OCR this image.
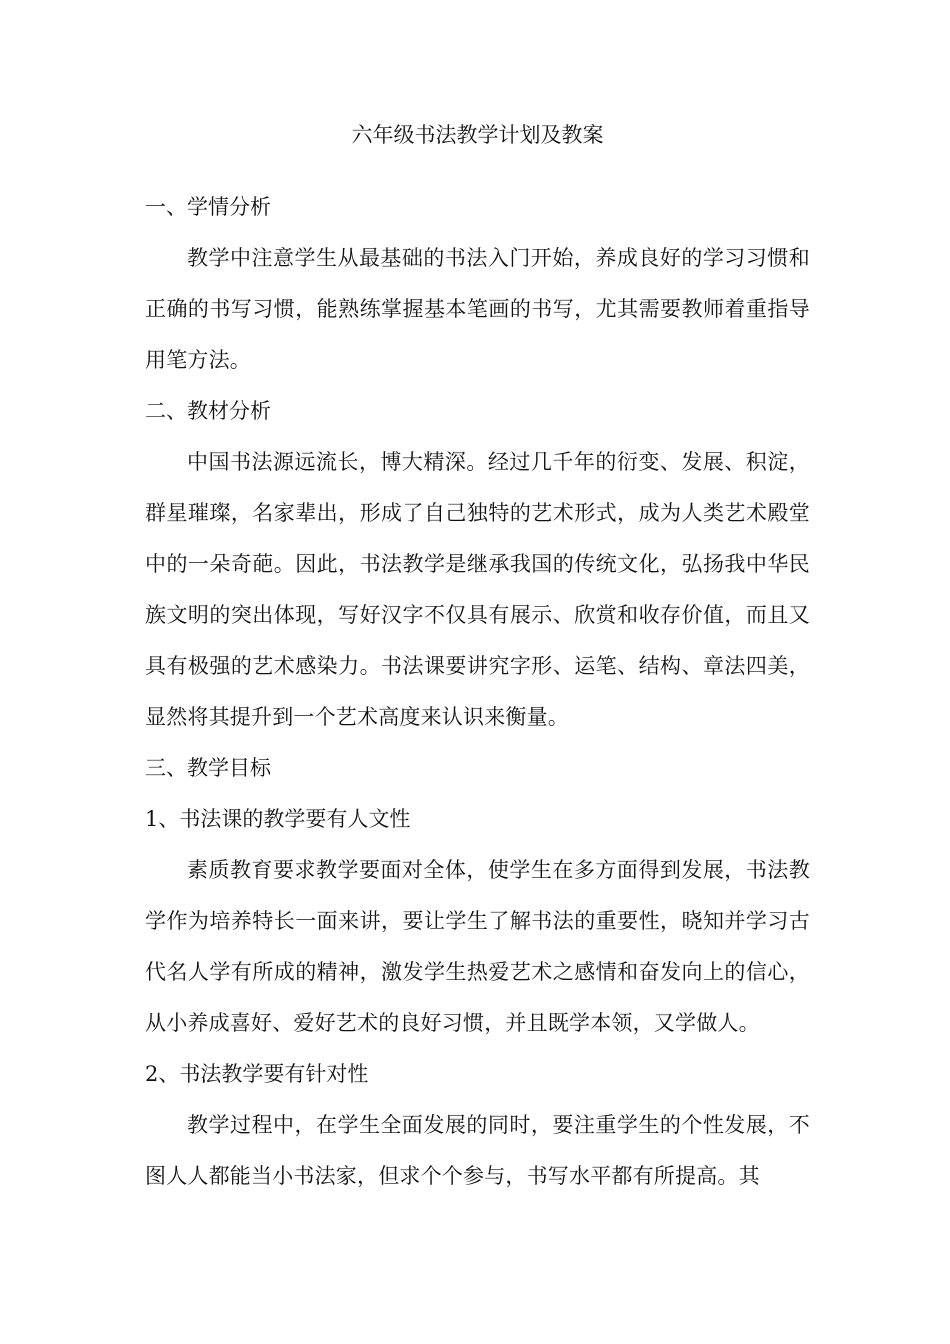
六年级书法教学计划及教案
一、学情分析

教学中注意学生从最基础的书法入门开始，养成良好的学习习惯和正确的书写习惯，能熟练掌握基本笔画的书写，尤其需要教师着重指导用笔方法。

二、教材分析

中国书法源远流长，博大精深。经过几千年的衍变、发展、积淀，群星璀璨，名家辈出，形成了自己独特的艺术形式，成为人类艺术殿堂中的一朵奇葩。因此，书法教学是继承我国的传统文化，弘扬我中华民族文明的突出体现，写好汉字不仅具有展示、欣赏和收存价值，而且又具有极强的艺术感染力。书法课要讲究字形、运笔、结构、章法四美，显然将其提升到一个艺术高度来认识来衡量。

三、教学目标
1、书法课的教学要有人文性

素质教育要求教学要面对全体，使学生在多方面得到发展，书法教学作为培养特长一面来讲，要让学生了解书法的重要性，晓知并学习古代名人学有所成的精神，激发学生热爱艺术之感情和奋发向上的信心，从小养成喜好、爱好艺术的良好习惯，并且既学本领，又学做人。

2、书法教学要有针对性

教学过程中，在学生全面发展的同时，要注重学生的个性发展，不图人人都能当小书法家，但求个个参与，书写水平都有所提高。其
